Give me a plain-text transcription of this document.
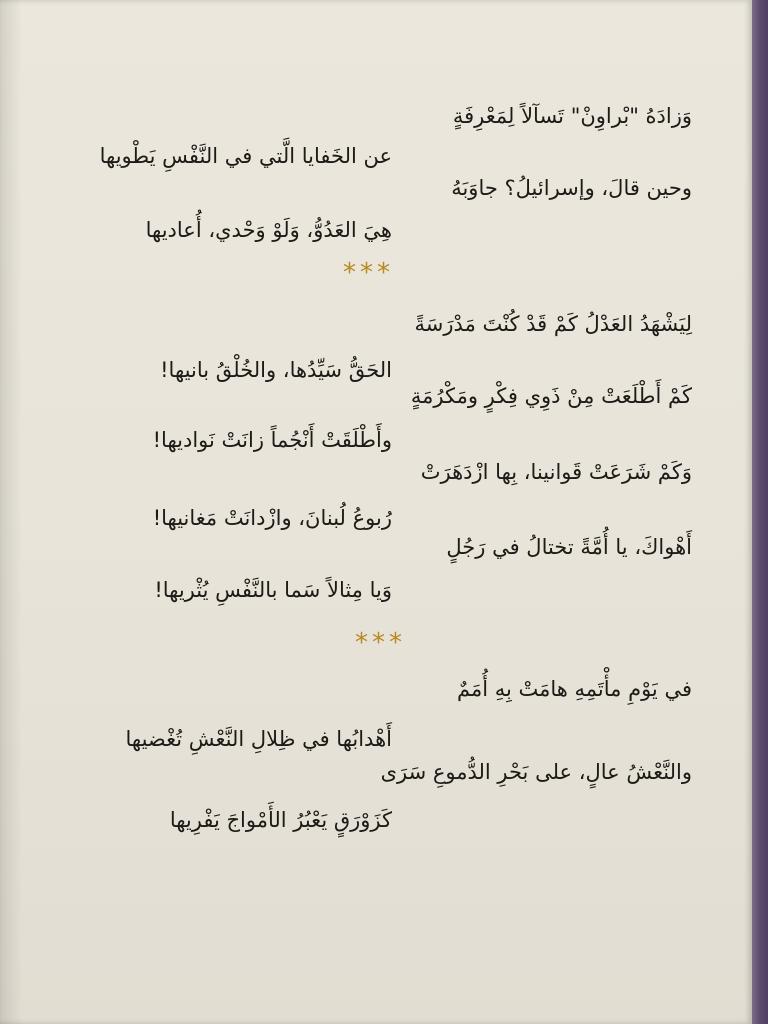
وَزادَهُ "بْراوِنْ" تَسآلاً لِمَعْرِفَةٍ
عن الخَفايا الَّتي في النَّفْسِ يَطْويها
وحين قالَ، وإسرائيلُ؟ جاوَبَهُ
هِيَ العَدُوُّ، وَلَوْ وَحْدي، أُعاديها
***
لِيَشْهَدُ العَدْلُ كَمْ قَدْ كُنْتَ مَدْرَسَةً
الحَقُّ سَيِّدُها، والخُلْقُ بانيها!
كَمْ أَطْلَعَتْ مِنْ ذَوِي فِكْرٍ ومَكْرُمَةٍ
وأَطْلَقَتْ أَنْجُماً زانَتْ نَواديها!
وَكَمْ شَرَعَتْ قَوانينا، بِها ازْدَهَرَتْ
رُبوعُ لُبنانَ، وازْدانَتْ مَغانيها!
أَهْواكَ، يا أُمَّةً تختالُ في رَجُلٍ
وَيا مِثالاً سَما بالنَّفْسِ يُثْريها!
***
في يَوْمِ مأْتَمِهِ هامَتْ بِهِ أُمَمٌ
أَهْدابُها في ظِلالِ النَّعْشِ تُغْضيها
والنَّعْشُ عالٍ، على بَحْرِ الدُّموعِ سَرَى
كَزَوْرَقٍ يَعْبُرُ الأَمْواجَ يَفْرِيها
